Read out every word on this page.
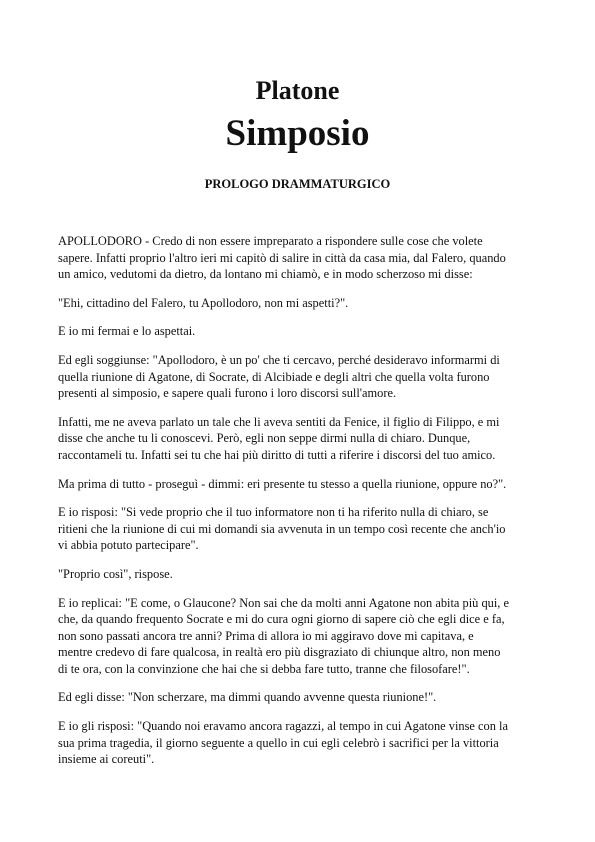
Platone
Simposio
PROLOGO DRAMMATURGICO

APOLLODORO - Credo di non essere impreparato a rispondere sulle cose che volete
sapere. Infatti proprio l'altro ieri mi capitò di salire in città da casa mia, dal Falero, quando
un amico, vedutomi da dietro, da lontano mi chiamò, e in modo scherzoso mi disse:

"Ehi, cittadino del Falero, tu Apollodoro, non mi aspetti?".

E io mi fermai e lo aspettai.

Ed egli soggiunse: "Apollodoro, è un po' che ti cercavo, perché desideravo informarmi di
quella riunione di Agatone, di Socrate, di Alcibiade e degli altri che quella volta furono
presenti al simposio, e sapere quali furono i loro discorsi sull'amore.

Infatti, me ne aveva parlato un tale che li aveva sentiti da Fenice, il figlio di Filippo, e mi
disse che anche tu li conoscevi. Però, egli non seppe dirmi nulla di chiaro. Dunque,
raccontameli tu. Infatti sei tu che hai più diritto di tutti a riferire i discorsi del tuo amico.

Ma prima di tutto - proseguì - dimmi: eri presente tu stesso a quella riunione, oppure no?".

E io risposi: "Si vede proprio che il tuo informatore non ti ha riferito nulla di chiaro, se
ritieni che la riunione di cui mi domandi sia avvenuta in un tempo così recente che anch'io
vi abbia potuto partecipare".

"Proprio così", rispose.

E io replicai: "E come, o Glaucone? Non sai che da molti anni Agatone non abita più qui, e
che, da quando frequento Socrate e mi do cura ogni giorno di sapere ciò che egli dice e fa,
non sono passati ancora tre anni? Prima di allora io mi aggiravo dove mi capitava, e
mentre credevo di fare qualcosa, in realtà ero più disgraziato di chiunque altro, non meno
di te ora, con la convinzione che hai che si debba fare tutto, tranne che filosofare!".

Ed egli disse: "Non scherzare, ma dimmi quando avvenne questa riunione!".

E io gli risposi: "Quando noi eravamo ancora ragazzi, al tempo in cui Agatone vinse con la
sua prima tragedia, il giorno seguente a quello in cui egli celebrò i sacrifici per la vittoria
insieme ai coreuti".
